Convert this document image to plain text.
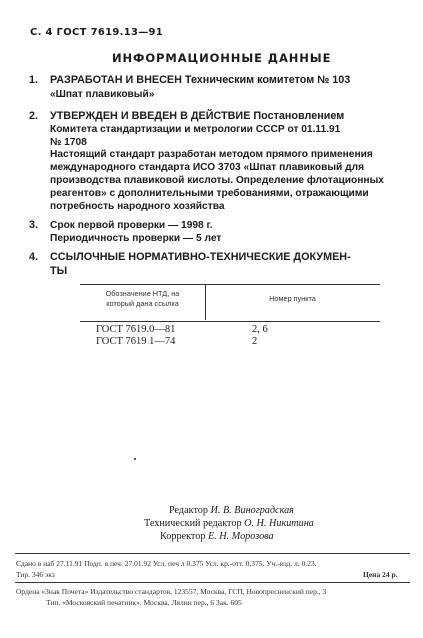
С. 4 ГОСТ 7619.13—91
ИНФОРМАЦИОННЫЕ ДАННЫЕ
1. РАЗРАБОТАН И ВНЕСЕН Техническим комитетом № 103
«Шпат плавиковый»
2. УТВЕРЖДЕН И ВВЕДЕН В ДЕЙСТВИЕ Постановлением
Комитета стандартизации и метрологии СССР от 01.11.91
№ 1708
Настоящий стандарт разработан методом прямого применения
международного стандарта ИСО 3703 «Шпат плавиковый для
производства плавиковой кислоты. Определение флотационных
реагентов» с дополнительными требованиями, отражающими
потребность народного хозяйства
3. Срок первой проверки — 1998 г.
Периодичность проверки — 5 лет
4. ССЫЛОЧНЫЕ НОРМАТИВНО-ТЕХНИЧЕСКИЕ ДОКУМЕН-
ТЫ
Обозначение НТД, на
который дана ссылка
Номер пункта
ГОСТ 7619.0—81	2, 6
ГОСТ 7619 1—74	2
Редактор И. В. Виноградская
Технический редактор О. Н. Никитина
Корректор Е. Н. Морозова
Сдано в наб 27.11.91 Подп. в печ. 27.01.92 Усл. печ л 0.375 Усл. кр.-отт. 0,375. Уч.-изд. л. 0.23.
Тир. 346 экз	Цена 24 р.
Ордена «Знак Почета» Издательство стандартов, 123557, Москва, ГСП, Новопресненский пер., 3
Тип. «Московский печатник». Москва, Лялин пер., 6 Зак. 605
